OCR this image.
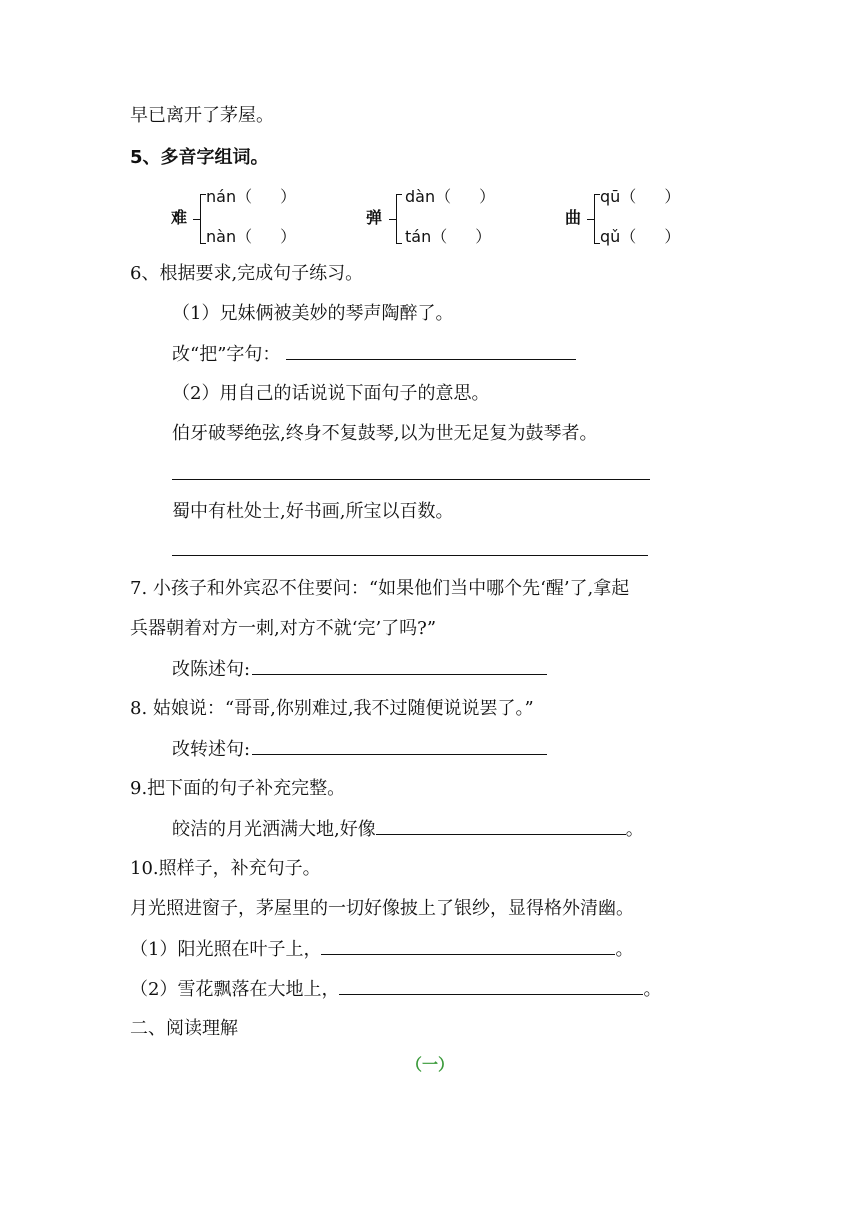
早已离开了茅屋。
5、多音字组词。
难
nán（ ）
nàn（ ）
弹
dàn（ ）
tán（ ）
曲
qū（ ）
qǔ（ ）
6、根据要求,完成句子练习。
（1）兄妹俩被美妙的琴声陶醉了。
改“把”字句：
（2）用自己的话说说下面句子的意思。
伯牙破琴绝弦,终身不复鼓琴,以为世无足复为鼓琴者。
蜀中有杜处士,好书画,所宝以百数。
7. 小孩子和外宾忍不住要问：“如果他们当中哪个先‘醒’了,拿起
兵器朝着对方一刺,对方不就‘完’了吗?”
改陈述句:
8. 姑娘说：“哥哥,你别难过,我不过随便说说罢了。”
改转述句:
9.把下面的句子补充完整。
皎洁的月光洒满大地,好像	。
10.照样子，补充句子。
月光照进窗子，茅屋里的一切好像披上了银纱，显得格外清幽。
（1）阳光照在叶子上，	。
（2）雪花飘落在大地上，	。
二、阅读理解
（一）
